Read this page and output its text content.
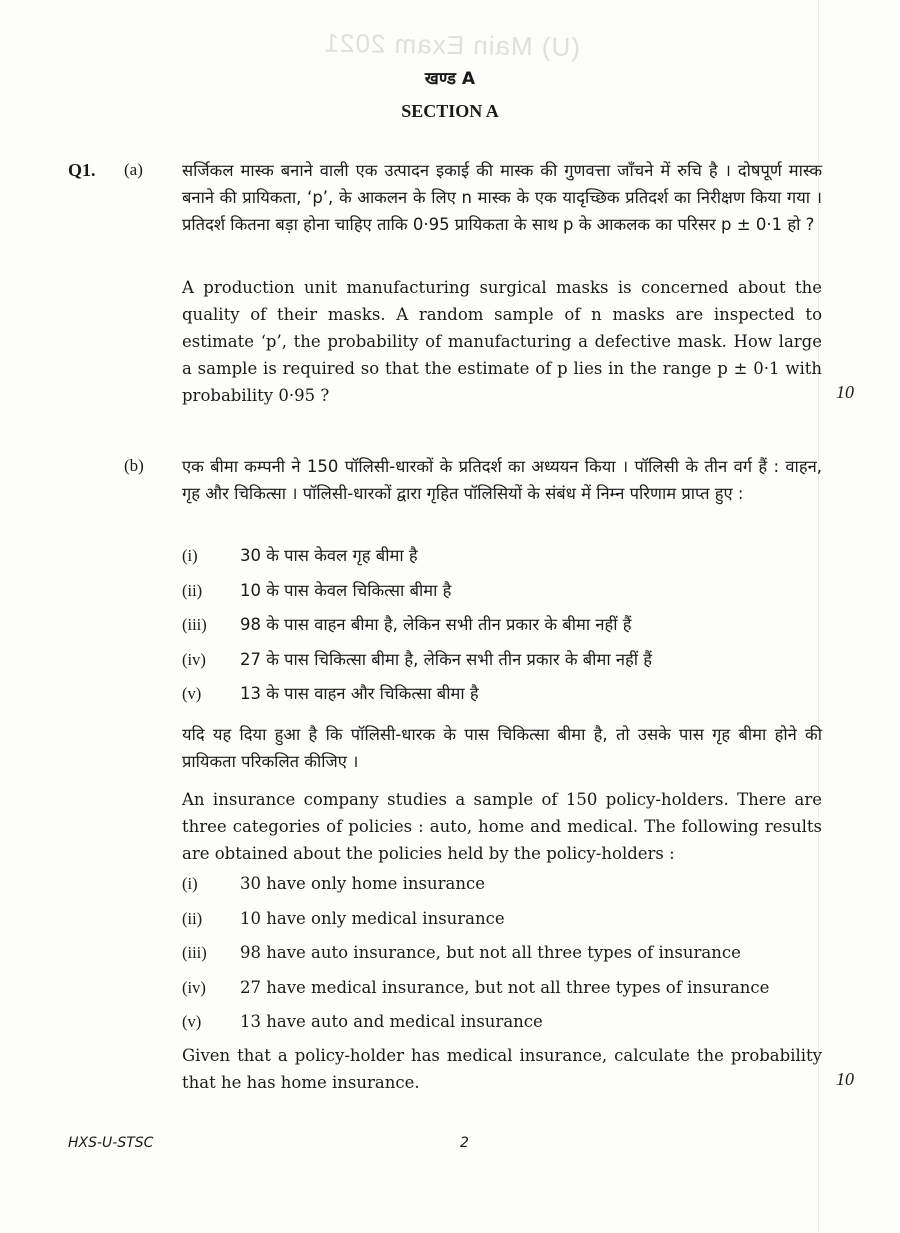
(U) Main Exam 2021
खण्ड A
SECTION A
Q1. (a) सर्जिकल मास्क बनाने वाली एक उत्पादन इकाई की मास्क की गुणवत्ता जाँचने में रुचि है । दोषपूर्ण मास्क बनाने की प्रायिकता, ‘p’, के आकलन के लिए n मास्क के एक यादृच्छिक प्रतिदर्श का निरीक्षण किया गया । प्रतिदर्श कितना बड़ा होना चाहिए ताकि 0·95 प्रायिकता के साथ p के आकलक का परिसर p ± 0·1 हो ?
A production unit manufacturing surgical masks is concerned about the quality of their masks. A random sample of n masks are inspected to estimate ‘p’, the probability of manufacturing a defective mask. How large a sample is required so that the estimate of p lies in the range p ± 0·1 with probability 0·95 ?	10
(b) एक बीमा कम्पनी ने 150 पॉलिसी-धारकों के प्रतिदर्श का अध्ययन किया । पॉलिसी के तीन वर्ग हैं : वाहन, गृह और चिकित्सा । पॉलिसी-धारकों द्वारा गृहित पॉलिसियों के संबंध में निम्न परिणाम प्राप्त हुए :
(i)	30 के पास केवल गृह बीमा है
(ii)	10 के पास केवल चिकित्सा बीमा है
(iii)	98 के पास वाहन बीमा है, लेकिन सभी तीन प्रकार के बीमा नहीं हैं
(iv)	27 के पास चिकित्सा बीमा है, लेकिन सभी तीन प्रकार के बीमा नहीं हैं
(v)	13 के पास वाहन और चिकित्सा बीमा है
यदि यह दिया हुआ है कि पॉलिसी-धारक के पास चिकित्सा बीमा है, तो उसके पास गृह बीमा होने की प्रायिकता परिकलित कीजिए ।
An insurance company studies a sample of 150 policy-holders. There are three categories of policies : auto, home and medical. The following results are obtained about the policies held by the policy-holders :
(i)	30 have only home insurance
(ii)	10 have only medical insurance
(iii)	98 have auto insurance, but not all three types of insurance
(iv)	27 have medical insurance, but not all three types of insurance
(v)	13 have auto and medical insurance
Given that a policy-holder has medical insurance, calculate the probability that he has home insurance.	10
HXS-U-STSC	2
